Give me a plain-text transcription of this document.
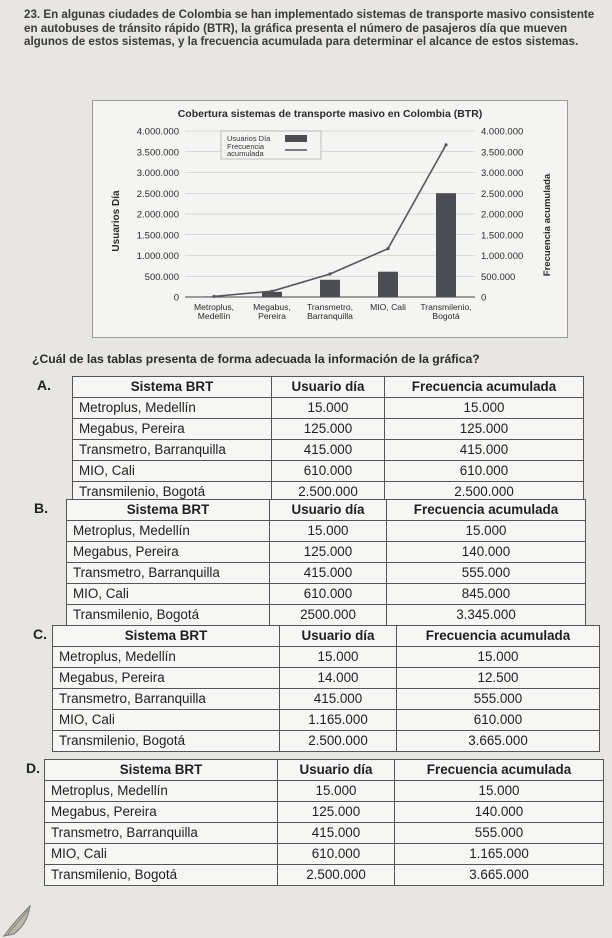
23. En algunas ciudades de Colombia se han implementado sistemas de transporte masivo consistente en autobuses de tránsito rápido (BTR), la gráfica presenta el número de pasajeros día que mueven algunos de estos sistemas, y la frecuencia acumulada para determinar el alcance de estos sistemas.
Cobertura sistemas de transporte masivo en Colombia (BTR)
0
500.000
1.000.000
1.500.000
2.000.000
2.500.000
3.000.000
3.500.000
4.000.000
0
500.000
1.000.000
1.500.000
2.000.000
2.500.000
3.000.000
3.500.000
4.000.000
Metroplus,
Medellín
Megabus,
Pereira
Transmetro,
Barranquilla
MIO, Cali Transmilenio,
Bogotá
Usuarios Día	Frecuencia acumulada
Usuarios Día
Frecuencia
acumulada
¿Cuál de las tablas presenta de forma adecuada la información de la gráfica?
A.	Sistema BRT	Usuario día	Frecuencia acumulada
Metroplus, Medellín	15.000	15.000
Megabus, Pereira	125.000	125.000
Transmetro, Barranquilla	415.000	415.000
MIO, Cali	610.000	610.000
Transmilenio, Bogotá	2.500.000	2.500.000
B.	Sistema BRT	Usuario día	Frecuencia acumulada
Metroplus, Medellín	15.000	15.000
Megabus, Pereira	125.000	140.000
Transmetro, Barranquilla	415.000	555.000
MIO, Cali	610.000	845.000
Transmilenio, Bogotá	2500.000	3.345.000
C.	Sistema BRT	Usuario día	Frecuencia acumulada
Metroplus, Medellín	15.000	15.000
Megabus, Pereira	14.000	12.500
Transmetro, Barranquilla	415.000	555.000
MIO, Cali	1.165.000	610.000
Transmilenio, Bogotá	2.500.000	3.665.000
D.	Sistema BRT	Usuario día	Frecuencia acumulada
Metroplus, Medellín	15.000	15.000
Megabus, Pereira	125.000	140.000
Transmetro, Barranquilla	415.000	555.000
MIO, Cali	610.000	1.165.000
Transmilenio, Bogotá	2.500.000	3.665.000
